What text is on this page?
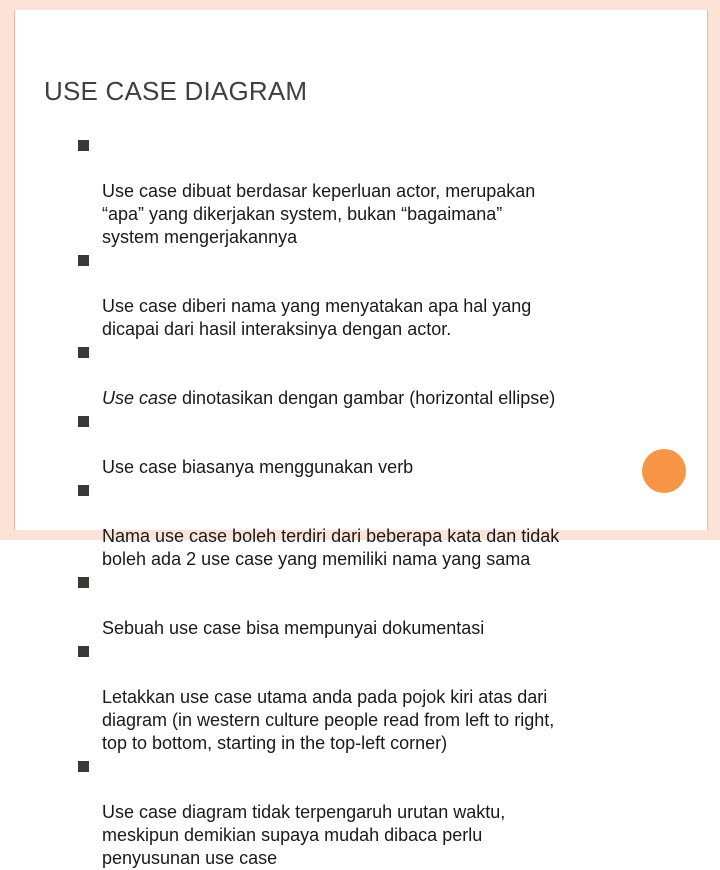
USE CASE DIAGRAM

Use case dibuat berdasar keperluan actor, merupakan
“apa” yang dikerjakan system, bukan “bagaimana”
system mengerjakannya

Use case diberi nama yang menyatakan apa hal yang
dicapai dari hasil interaksinya dengan actor.

Use case dinotasikan dengan gambar (horizontal ellipse)

Use case biasanya menggunakan verb

Nama use case boleh terdiri dari beberapa kata dan tidak
boleh ada 2 use case yang memiliki nama yang sama

Sebuah use case bisa mempunyai dokumentasi

Letakkan use case utama anda pada pojok kiri atas dari
diagram (in western culture people read from left to right,
top to bottom, starting in the top-left corner)

Use case diagram tidak terpengaruh urutan waktu,
meskipun demikian supaya mudah dibaca perlu
penyusunan use case
